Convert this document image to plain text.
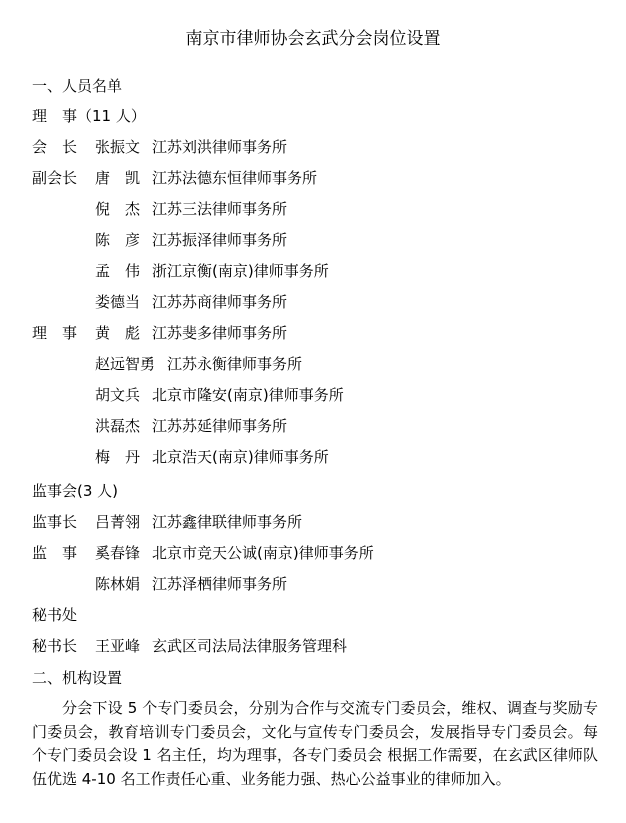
南京市律师协会玄武分会岗位设置
一、人员名单
理　事（11 人）
会　长 张振文 江苏刘洪律师事务所
副会长 唐　凯 江苏法德东恒律师事务所
倪　杰 江苏三法律师事务所
陈　彦 江苏振泽律师事务所
孟　伟 浙江京衡(南京)律师事务所
娄德当 江苏苏商律师事务所
理　事 黄　彪 江苏斐多律师事务所
赵远智勇 江苏永衡律师事务所
胡文兵 北京市隆安(南京)律师事务所
洪磊杰 江苏苏延律师事务所
梅　丹 北京浩天(南京)律师事务所
监事会(3 人)
监事长 吕菁翎 江苏鑫律联律师事务所
监　事 奚春锋 北京市竞天公诚(南京)律师事务所
陈林娟 江苏泽栖律师事务所
秘书处
秘书长 王亚峰 玄武区司法局法律服务管理科
二、机构设置
分会下设 5 个专门委员会，分别为合作与交流专门委员会，维权、调查与奖励专门委员会，教育培训专门委员会，文化与宣传专门委员会，发展指导专门委员会。每个专门委员会设 1 名主任，均为理事，各专门委员会 根据工作需要，在玄武区律师队伍优选 4-10 名工作责任心重、业务能力强、热心公益事业的律师加入。
